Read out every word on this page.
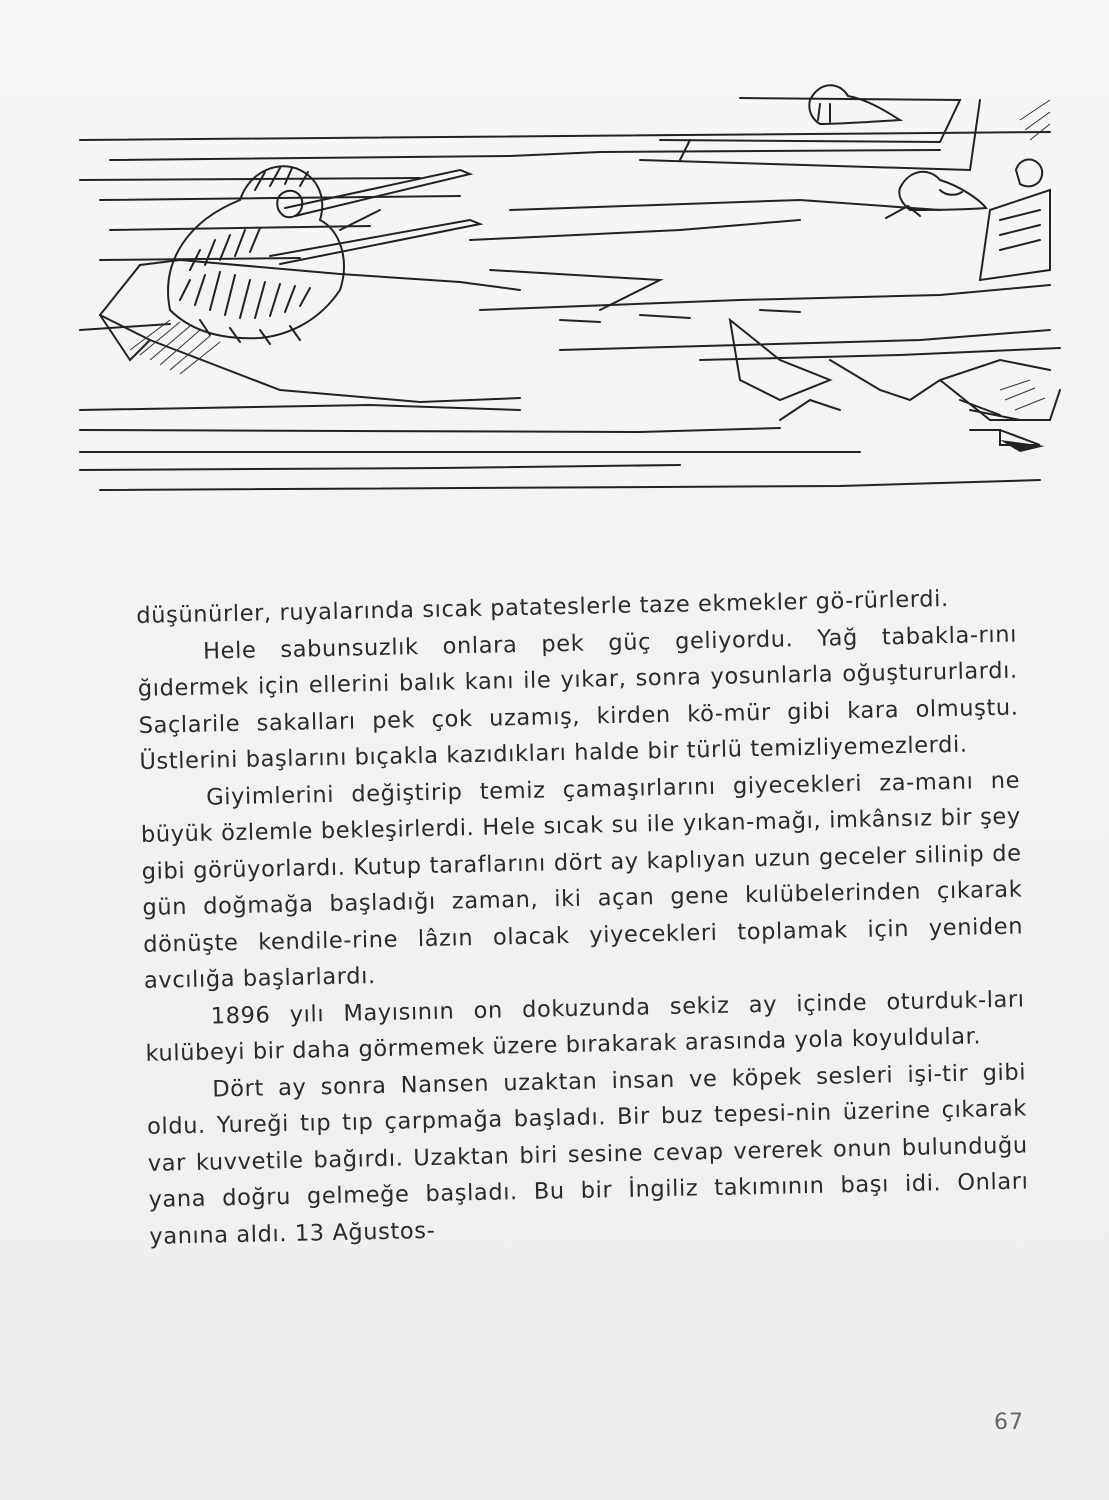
düşünürler, ruyalarında sıcak patateslerle taze ekmekler gö-rürlerdi.

Hele sabunsuzlık onlara pek güç geliyordu. Yağ tabakla-rını ğıdermek için ellerini balık kanı ile yıkar, sonra yosunlarla oğuştururlardı. Saçlarile sakalları pek çok uzamış, kirden kö-mür gibi kara olmuştu. Üstlerini başlarını bıçakla kazıdıkları halde bir türlü temizliyemezlerdi.

Giyimlerini değiştirip temiz çamaşırlarını giyecekleri za-manı ne büyük özlemle bekleşirlerdi. Hele sıcak su ile yıkan-mağı, imkânsız bir şey gibi görüyorlardı. Kutup taraflarını dört ay kaplıyan uzun geceler silinip de gün doğmağa başladığı zaman, iki açan gene kulübelerinden çıkarak dönüşte kendile-rine lâzın olacak yiyecekleri toplamak için yeniden avcılığa başlarlardı.

1896 yılı Mayısının on dokuzunda sekiz ay içinde oturduk-ları kulübeyi bir daha görmemek üzere bırakarak arasında yola koyuldular.

Dört ay sonra Nansen uzaktan insan ve köpek sesleri işi-tir gibi oldu. Yureği tıp tıp çarpmağa başladı. Bir buz tepesi-nin üzerine çıkarak var kuvvetile bağırdı. Uzaktan biri sesine cevap vererek onun bulunduğu yana doğru gelmeğe başladı. Bu bir İngiliz takımının başı idi. Onları yanına aldı. 13 Ağustos-

67
